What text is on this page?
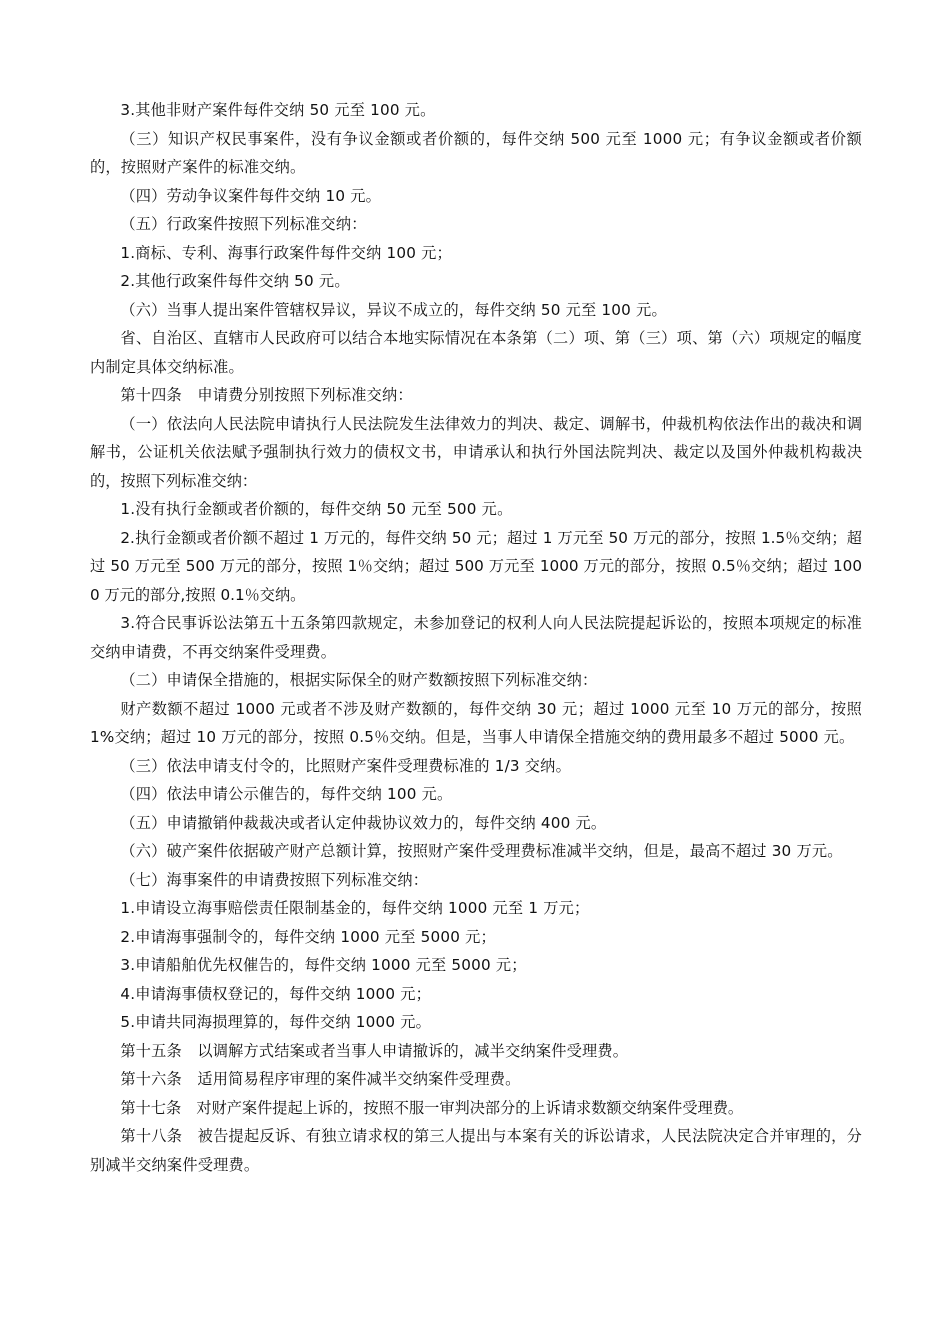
3.其他非财产案件每件交纳 50 元至 100 元。

（三）知识产权民事案件，没有争议金额或者价额的，每件交纳 500 元至 1000 元；有争议金额或者价额的，按照财产案件的标准交纳。

（四）劳动争议案件每件交纳 10 元。

（五）行政案件按照下列标准交纳：

1.商标、专利、海事行政案件每件交纳 100 元；

2.其他行政案件每件交纳 50 元。

（六）当事人提出案件管辖权异议，异议不成立的，每件交纳 50 元至 100 元。

省、自治区、直辖市人民政府可以结合本地实际情况在本条第（二）项、第（三）项、第（六）项规定的幅度内制定具体交纳标准。

第十四条　申请费分别按照下列标准交纳：

（一）依法向人民法院申请执行人民法院发生法律效力的判决、裁定、调解书，仲裁机构依法作出的裁决和调解书，公证机关依法赋予强制执行效力的债权文书，申请承认和执行外国法院判决、裁定以及国外仲裁机构裁决的，按照下列标准交纳：

1.没有执行金额或者价额的，每件交纳 50 元至 500 元。

2.执行金额或者价额不超过 1 万元的，每件交纳 50 元；超过 1 万元至 50 万元的部分，按照 1.5％交纳；超过 50 万元至 500 万元的部分，按照 1％交纳；超过 500 万元至 1000 万元的部分，按照 0.5％交纳；超过 1000 万元的部分,按照 0.1％交纳。

3.符合民事诉讼法第五十五条第四款规定，未参加登记的权利人向人民法院提起诉讼的，按照本项规定的标准交纳申请费，不再交纳案件受理费。

（二）申请保全措施的，根据实际保全的财产数额按照下列标准交纳：

财产数额不超过 1000 元或者不涉及财产数额的，每件交纳 30 元；超过 1000 元至 10 万元的部分，按照 1%交纳；超过 10 万元的部分，按照 0.5％交纳。但是，当事人申请保全措施交纳的费用最多不超过 5000 元。

（三）依法申请支付令的，比照财产案件受理费标准的 1/3 交纳。

（四）依法申请公示催告的，每件交纳 100 元。

（五）申请撤销仲裁裁决或者认定仲裁协议效力的，每件交纳 400 元。

（六）破产案件依据破产财产总额计算，按照财产案件受理费标准减半交纳，但是，最高不超过 30 万元。

（七）海事案件的申请费按照下列标准交纳：

1.申请设立海事赔偿责任限制基金的，每件交纳 1000 元至 1 万元；

2.申请海事强制令的，每件交纳 1000 元至 5000 元；

3.申请船舶优先权催告的，每件交纳 1000 元至 5000 元；

4.申请海事债权登记的，每件交纳 1000 元；

5.申请共同海损理算的，每件交纳 1000 元。

第十五条　以调解方式结案或者当事人申请撤诉的，减半交纳案件受理费。

第十六条　适用简易程序审理的案件减半交纳案件受理费。

第十七条　对财产案件提起上诉的，按照不服一审判决部分的上诉请求数额交纳案件受理费。

第十八条　被告提起反诉、有独立请求权的第三人提出与本案有关的诉讼请求，人民法院决定合并审理的，分别减半交纳案件受理费。
